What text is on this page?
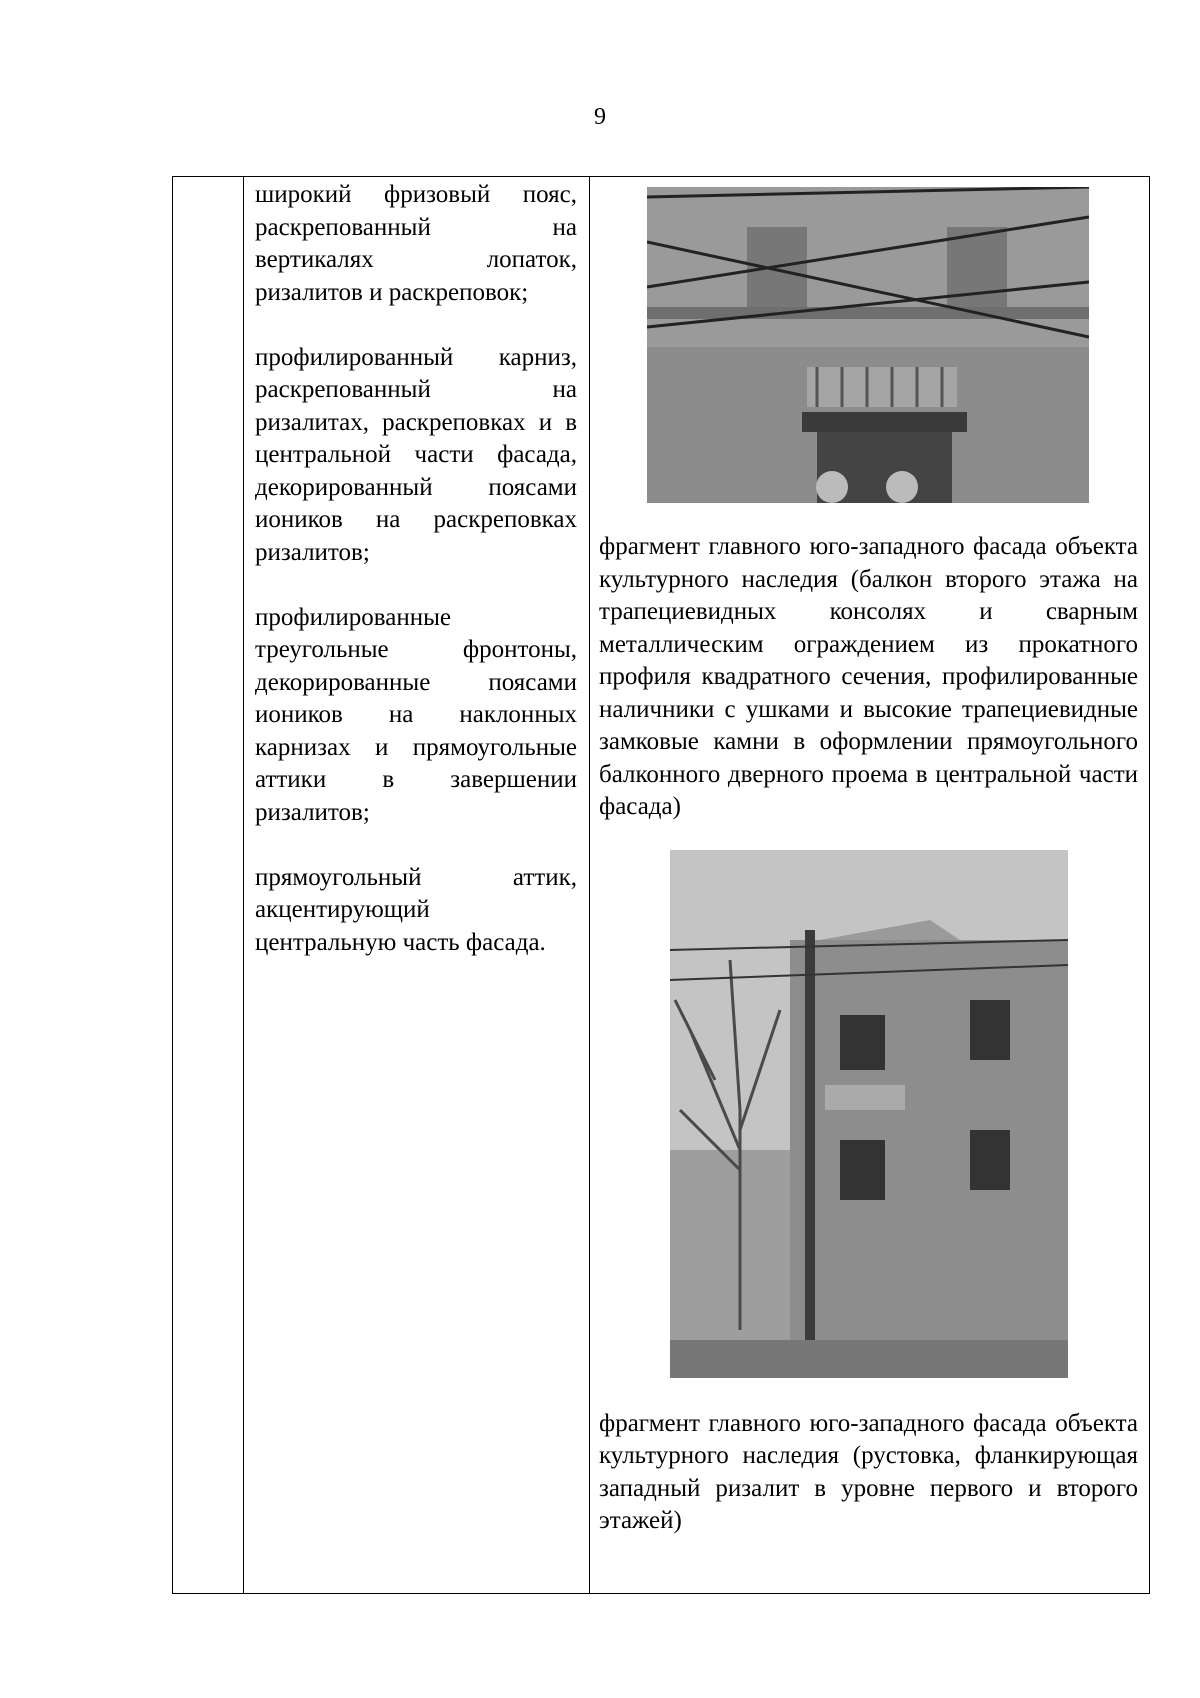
9

широкий фризовый пояс, раскрепованный на вертикалях лопаток, ризалитов и раскреповок;

профилированный карниз, раскрепованный на ризалитах, раскреповках и в центральной части фасада, декорированный поясами иоников на раскреповках ризалитов;

профилированные треугольные фронтоны, декорированные поясами иоников на наклонных карнизах и прямоугольные аттики в завершении ризалитов;

прямоугольный аттик, акцентирующий центральную часть фасада.

фрагмент главного юго-западного фасада объекта культурного наследия (балкон второго этажа на трапециевидных консолях и сварным металлическим ограждением из прокатного профиля квадратного сечения, профилированные наличники с ушками и высокие трапециевидные замковые камни в оформлении прямоугольного балконного дверного проема в центральной части фасада)

фрагмент главного юго-западного фасада объекта культурного наследия (рустовка, фланкирующая западный ризалит в уровне первого и второго этажей)
